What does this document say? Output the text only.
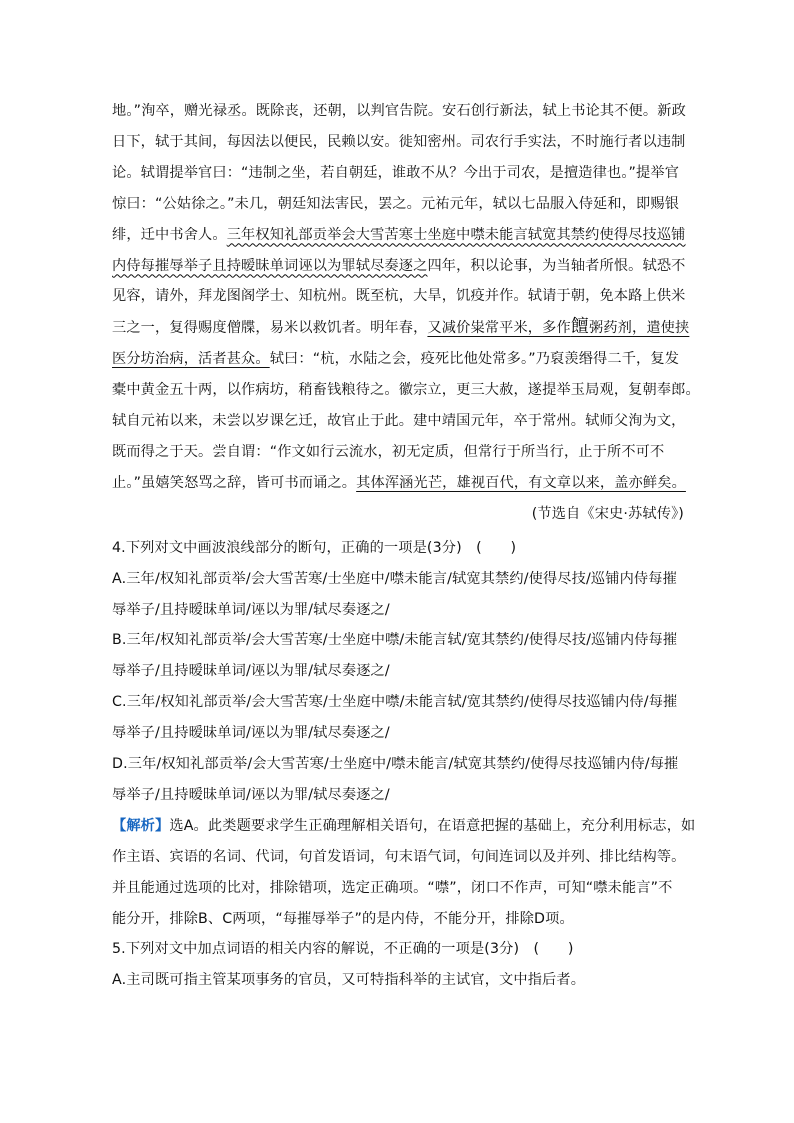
地。”洵卒，赠光禄丞。既除丧，还朝，以判官告院。安石创行新法，轼上书论其不便。新政
日下，轼于其间，每因法以便民，民赖以安。徙知密州。司农行手实法，不时施行者以违制
论。轼谓提举官曰：“违制之坐，若自朝廷，谁敢不从？今出于司农，是擅造律也。”提举官
惊曰：“公姑徐之。”未几，朝廷知法害民，罢之。元祐元年，轼以七品服入侍延和，即赐银
绯，迁中书舍人。三年权知礼部贡举会大雪苦寒士坐庭中噤未能言轼宽其禁约使得尽技巡铺
内侍每摧辱举子且持暧昧单词诬以为罪轼尽奏逐之四年，积以论事，为当轴者所恨。轼恐不
见容，请外，拜龙图阁学士、知杭州。既至杭，大旱，饥疫并作。轼请于朝，免本路上供米
三之一，复得赐度僧牒，易米以救饥者。明年春，又减价粜常平米，多作饘粥药剂，遣使挟
医分坊治病，活者甚众。轼曰：“杭，水陆之会，疫死比他处常多。”乃裒羡缗得二千，复发
橐中黄金五十两，以作病坊，稍畜钱粮待之。徽宗立，更三大赦，遂提举玉局观，复朝奉郎。
轼自元祐以来，未尝以岁课乞迁，故官止于此。建中靖国元年，卒于常州。轼师父洵为文，
既而得之于天。尝自谓：“作文如行云流水，初无定质，但常行于所当行，止于所不可不
止。”虽嬉笑怒骂之辞，皆可书而诵之。其体浑涵光芒，雄视百代，有文章以来，盖亦鲜矣。
(节选自《宋史·苏轼传》)
4.下列对文中画波浪线部分的断句，正确的一项是(3分)　(　　)
A.三年/权知礼部贡举/会大雪苦寒/士坐庭中/噤未能言/轼宽其禁约/使得尽技/巡铺内侍每摧
辱举子/且持暧昧单词/诬以为罪/轼尽奏逐之/
B.三年/权知礼部贡举/会大雪苦寒/士坐庭中噤/未能言轼/宽其禁约/使得尽技/巡铺内侍每摧
辱举子/且持暧昧单词/诬以为罪/轼尽奏逐之/
C.三年/权知礼部贡举/会大雪苦寒/士坐庭中噤/未能言轼/宽其禁约/使得尽技巡铺内侍/每摧
辱举子/且持暧昧单词/诬以为罪/轼尽奏逐之/
D.三年/权知礼部贡举/会大雪苦寒/士坐庭中/噤未能言/轼宽其禁约/使得尽技巡铺内侍/每摧
辱举子/且持暧昧单词/诬以为罪/轼尽奏逐之/
【解析】选A。此类题要求学生正确理解相关语句，在语意把握的基础上，充分利用标志，如
作主语、宾语的名词、代词，句首发语词，句末语气词，句间连词以及并列、排比结构等。
并且能通过选项的比对，排除错项，选定正确项。“噤”，闭口不作声，可知“噤未能言”不
能分开，排除B、C两项，“每摧辱举子”的是内侍，不能分开，排除D项。
5.下列对文中加点词语的相关内容的解说，不正确的一项是(3分)　(　　)
A.主司既可指主管某项事务的官员，又可特指科举的主试官，文中指后者。
